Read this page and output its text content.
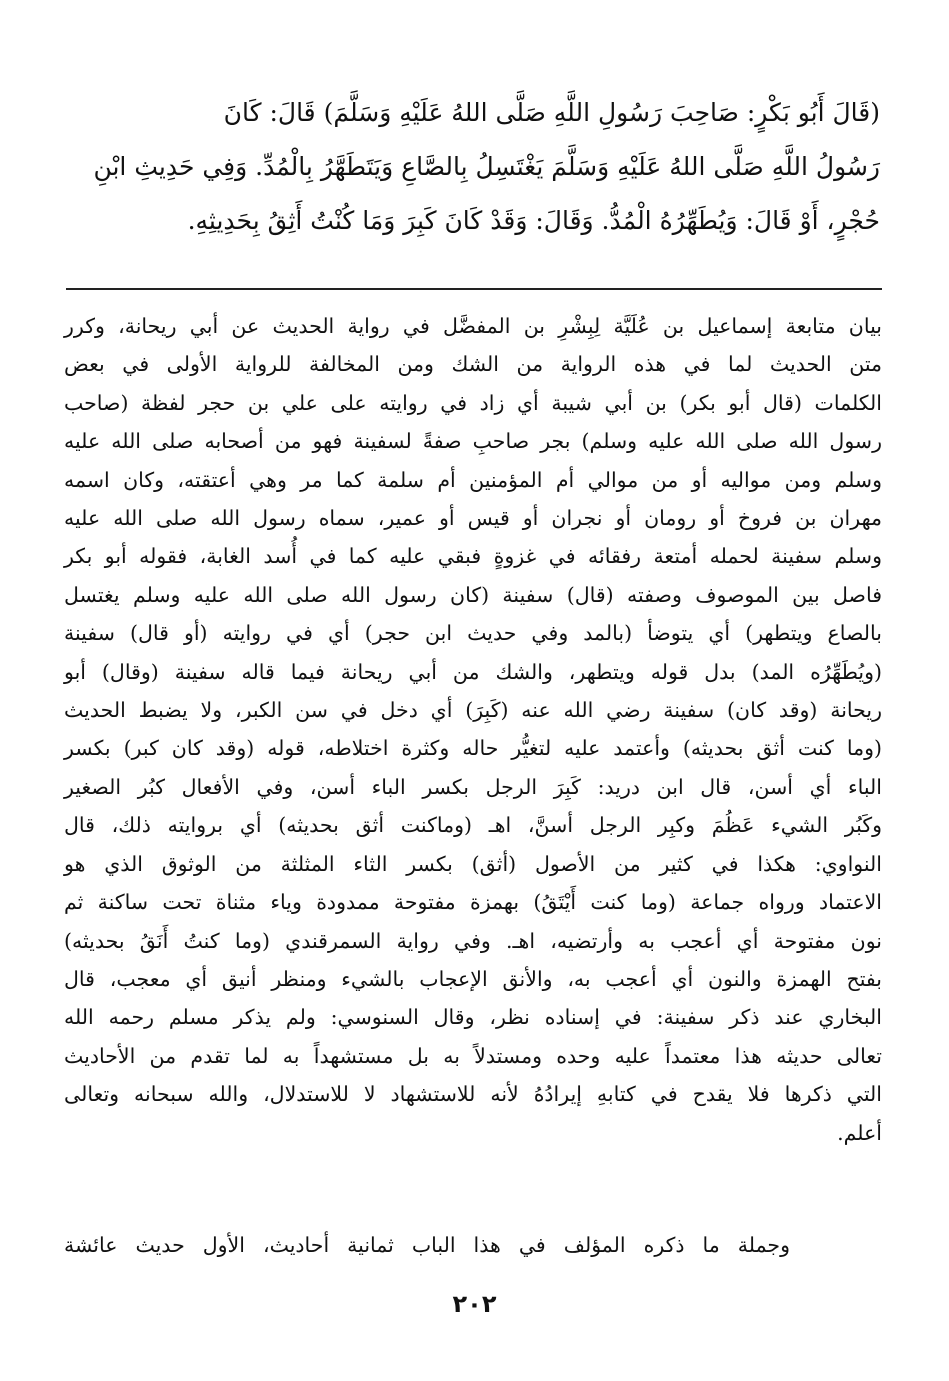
(قَالَ أَبُو بَكْرٍ: صَاحِبَ رَسُولِ اللَّهِ صَلَّى اللهُ عَلَيْهِ وَسَلَّمَ) قَالَ: كَانَ
رَسُولُ اللَّهِ صَلَّى اللهُ عَلَيْهِ وَسَلَّمَ يَغْتَسِلُ بِالصَّاعِ وَيَتَطَهَّرُ بِالْمُدِّ. وَفِي حَدِيثِ ابْنِ
حُجْرٍ، أَوْ قَالَ: وَيُطَهِّرُهُ الْمُدُّ. وَقَالَ: وَقَدْ كَانَ كَبِرَ وَمَا كُنْتُ أَثِقُ بِحَدِيثِهِ.

بيان متابعة إسماعيل بن عُلَيَّة لِبِشْرِ بن المفضَّل في رواية الحديث عن أبي ريحانة، وكرر
متن الحديث لما في هذه الرواية من الشك ومن المخالفة للرواية الأولى في بعض
الكلمات (قال أبو بكر) بن أبي شيبة أي زاد في روايته على علي بن حجر لفظة (صاحب
رسول الله صلى الله عليه وسلم) بجر صاحبِ صفةً لسفينة فهو من أصحابه صلى الله عليه
وسلم ومن مواليه أو من موالي أم المؤمنين أم سلمة كما مر وهي أعتقته، وكان اسمه
مهران بن فروخ أو رومان أو نجران أو قيس أو عمير، سماه رسول الله صلى الله عليه
وسلم سفينة لحمله أمتعة رفقائه في غزوةٍ فبقي عليه كما في أُسد الغابة، فقوله أبو بكر
فاصل بين الموصوف وصفته (قال) سفينة (كان رسول الله صلى الله عليه وسلم يغتسل
بالصاع ويتطهر) أي يتوضأ (بالمد وفي حديث ابن حجر) أي في روايته (أو قال) سفينة
(ويُطَهِّرُه المد) بدل قوله ويتطهر، والشك من أبي ريحانة فيما قاله سفينة (وقال) أبو
ريحانة (وقد كان) سفينة رضي الله عنه (كَبِرَ) أي دخل في سن الكبر، ولا يضبط الحديث
(وما كنت أثق بحديثه) وأعتمد عليه لتغيُّر حاله وكثرة اختلاطه، قوله (وقد كان كبر) بكسر
الباء أي أسن، قال ابن دريد: كَبِرَ الرجل بكسر الباء أسن، وفي الأفعال كبُر الصغير
وكَبُر الشيء عَظُمَ وكبِر الرجل أسنَّ، اهـ (وماكنت أثق بحديثه) أي بروايته ذلك، قال
النواوي: هكذا في كثير من الأصول (أثق) بكسر الثاء المثلثة من الوثوق الذي هو
الاعتماد ورواه جماعة (وما كنت أَيْتَقُ) بهمزة مفتوحة ممدودة وياء مثناة تحت ساكنة ثم
نون مفتوحة أي أعجب به وأرتضيه، اهـ. وفي رواية السمرقندي (وما كنتُ أَنَقُ بحديثه)
بفتح الهمزة والنون أي أعجب به، والأنق الإعجاب بالشيء ومنظر أنيق أي معجب، قال
البخاري عند ذكر سفينة: في إسناده نظر، وقال السنوسي: ولم يذكر مسلم رحمه الله
تعالى حديثه هذا معتمداً عليه وحده ومستدلاً به بل مستشهداً به لما تقدم من الأحاديث
التي ذكرها فلا يقدح في كتابهِ إيرادُهُ لأنه للاستشهاد لا للاستدلال، والله سبحانه وتعالى
أعلم.

وجملة ما ذكره المؤلف في هذا الباب ثمانية أحاديث، الأول حديث عائشة
٢٠٢
